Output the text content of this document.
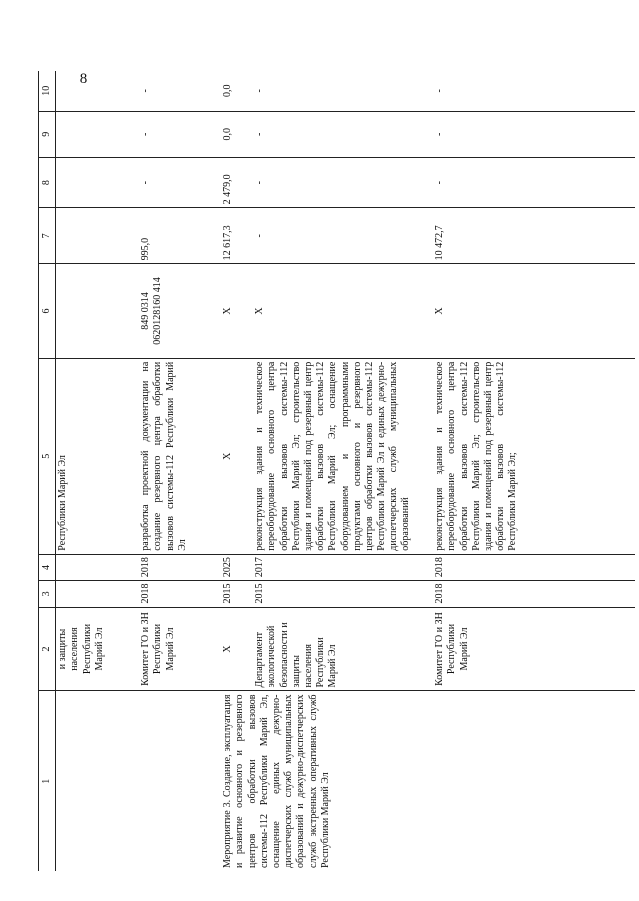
8
1	2	3	4	5	6	7	8	9	10
	и защиты населения Республики Марий Эл			Республики Марий Эл					
	Комитет ГО и ЗН Республики Марий Эл	2018	2018	разработка проектной документации на создание резервного центра обработки вызовов системы-112 Республики Марий Эл	849 0314 0620128160 414	995,0	-	-	-
Мероприятие 3. Создание, эксплуатация и развитие основного и резервного центров обработки вызовов системы-112 Республики Марий Эл, оснащение единых дежурно-диспетчерских служб муниципальных образований и дежурно-диспетчерских служб экстренных оперативных служб Республики Марий Эл	Х	2015	2025	Х	Х	12 617,3	2 479,0	0,0	0,0
	Департамент экологической безопасности и защиты населения Республики Марий Эл	2015	2017	реконструкция здания и техническое переоборудование основного центра обработки вызовов системы-112 Республики Марий Эл; строительство здания и помещений под резервный центр обработки вызовов системы-112 Республики Марий Эл; оснащение оборудованием и программными продуктами основного и резервного центров обработки вызовов системы-112 Республики Марий Эл и единых дежурно-диспетчерских служб муниципальных образований	Х	-	-	-	-
	Комитет ГО и ЗН Республики Марий Эл	2018	2018	реконструкция здания и техническое переоборудование основного центра обработки вызовов системы-112 Республики Марий Эл; строительство здания и помещений под резервный центр обработки вызовов системы-112 Республики Марий Эл;	Х	10 472,7	-	-	-
